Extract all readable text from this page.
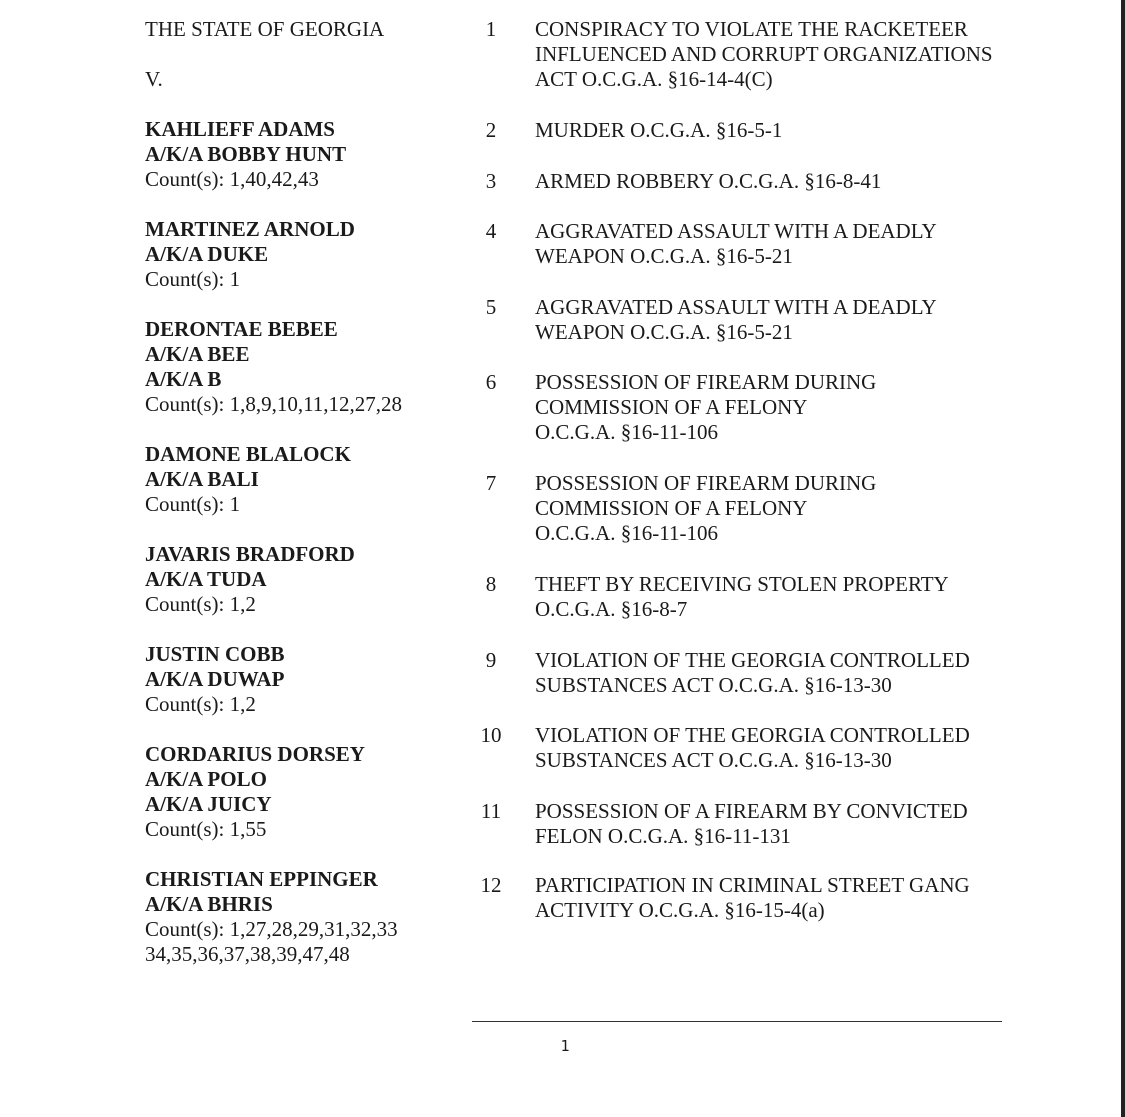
THE STATE OF GEORGIA
V.
KAHLIEFF ADAMS
A/K/A BOBBY HUNT
Count(s): 1,40,42,43
MARTINEZ ARNOLD
A/K/A DUKE
Count(s): 1
DERONTAE BEBEE
A/K/A BEE
A/K/A B
Count(s): 1,8,9,10,11,12,27,28
DAMONE BLALOCK
A/K/A BALI
Count(s): 1
JAVARIS BRADFORD
A/K/A TUDA
Count(s): 1,2
JUSTIN COBB
A/K/A DUWAP
Count(s): 1,2
CORDARIUS DORSEY
A/K/A POLO
A/K/A JUICY
Count(s): 1,55
CHRISTIAN EPPINGER
A/K/A BHRIS
Count(s): 1,27,28,29,31,32,33
34,35,36,37,38,39,47,48
1	CONSPIRACY TO VIOLATE THE RACKETEER
INFLUENCED AND CORRUPT ORGANIZATIONS
ACT O.C.G.A. §16-14-4(C)
2	MURDER O.C.G.A. §16-5-1
3	ARMED ROBBERY O.C.G.A. §16-8-41
4	AGGRAVATED ASSAULT WITH A DEADLY
WEAPON O.C.G.A. §16-5-21
5	AGGRAVATED ASSAULT WITH A DEADLY
WEAPON O.C.G.A. §16-5-21
6	POSSESSION OF FIREARM DURING
COMMISSION OF A FELONY
O.C.G.A. §16-11-106
7	POSSESSION OF FIREARM DURING
COMMISSION OF A FELONY
O.C.G.A. §16-11-106
8	THEFT BY RECEIVING STOLEN PROPERTY
O.C.G.A. §16-8-7
9	VIOLATION OF THE GEORGIA CONTROLLED
SUBSTANCES ACT O.C.G.A. §16-13-30
10	VIOLATION OF THE GEORGIA CONTROLLED
SUBSTANCES ACT O.C.G.A. §16-13-30
11	POSSESSION OF A FIREARM BY CONVICTED
FELON O.C.G.A. §16-11-131
12	PARTICIPATION IN CRIMINAL STREET GANG
ACTIVITY O.C.G.A. §16-15-4(a)
1
